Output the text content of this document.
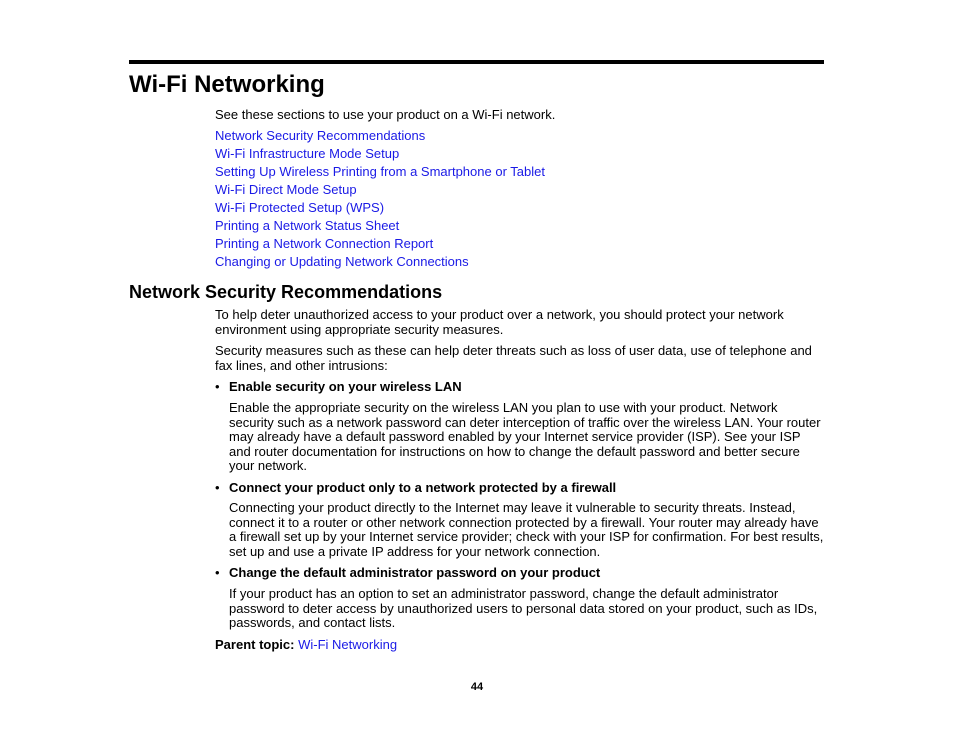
Wi-Fi Networking

See these sections to use your product on a Wi-Fi network.

Network Security Recommendations
Wi-Fi Infrastructure Mode Setup
Setting Up Wireless Printing from a Smartphone or Tablet
Wi-Fi Direct Mode Setup
Wi-Fi Protected Setup (WPS)
Printing a Network Status Sheet
Printing a Network Connection Report
Changing or Updating Network Connections
Network Security Recommendations

To help deter unauthorized access to your product over a network, you should protect your network environment using appropriate security measures.

Security measures such as these can help deter threats such as loss of user data, use of telephone and fax lines, and other intrusions:

• Enable security on your wireless LAN

Enable the appropriate security on the wireless LAN you plan to use with your product. Network security such as a network password can deter interception of traffic over the wireless LAN. Your router may already have a default password enabled by your Internet service provider (ISP). See your ISP and router documentation for instructions on how to change the default password and better secure your network.

• Connect your product only to a network protected by a firewall

Connecting your product directly to the Internet may leave it vulnerable to security threats. Instead, connect it to a router or other network connection protected by a firewall. Your router may already have a firewall set up by your Internet service provider; check with your ISP for confirmation. For best results, set up and use a private IP address for your network connection.

• Change the default administrator password on your product

If your product has an option to set an administrator password, change the default administrator password to deter access by unauthorized users to personal data stored on your product, such as IDs, passwords, and contact lists.

Parent topic: Wi-Fi Networking

44
